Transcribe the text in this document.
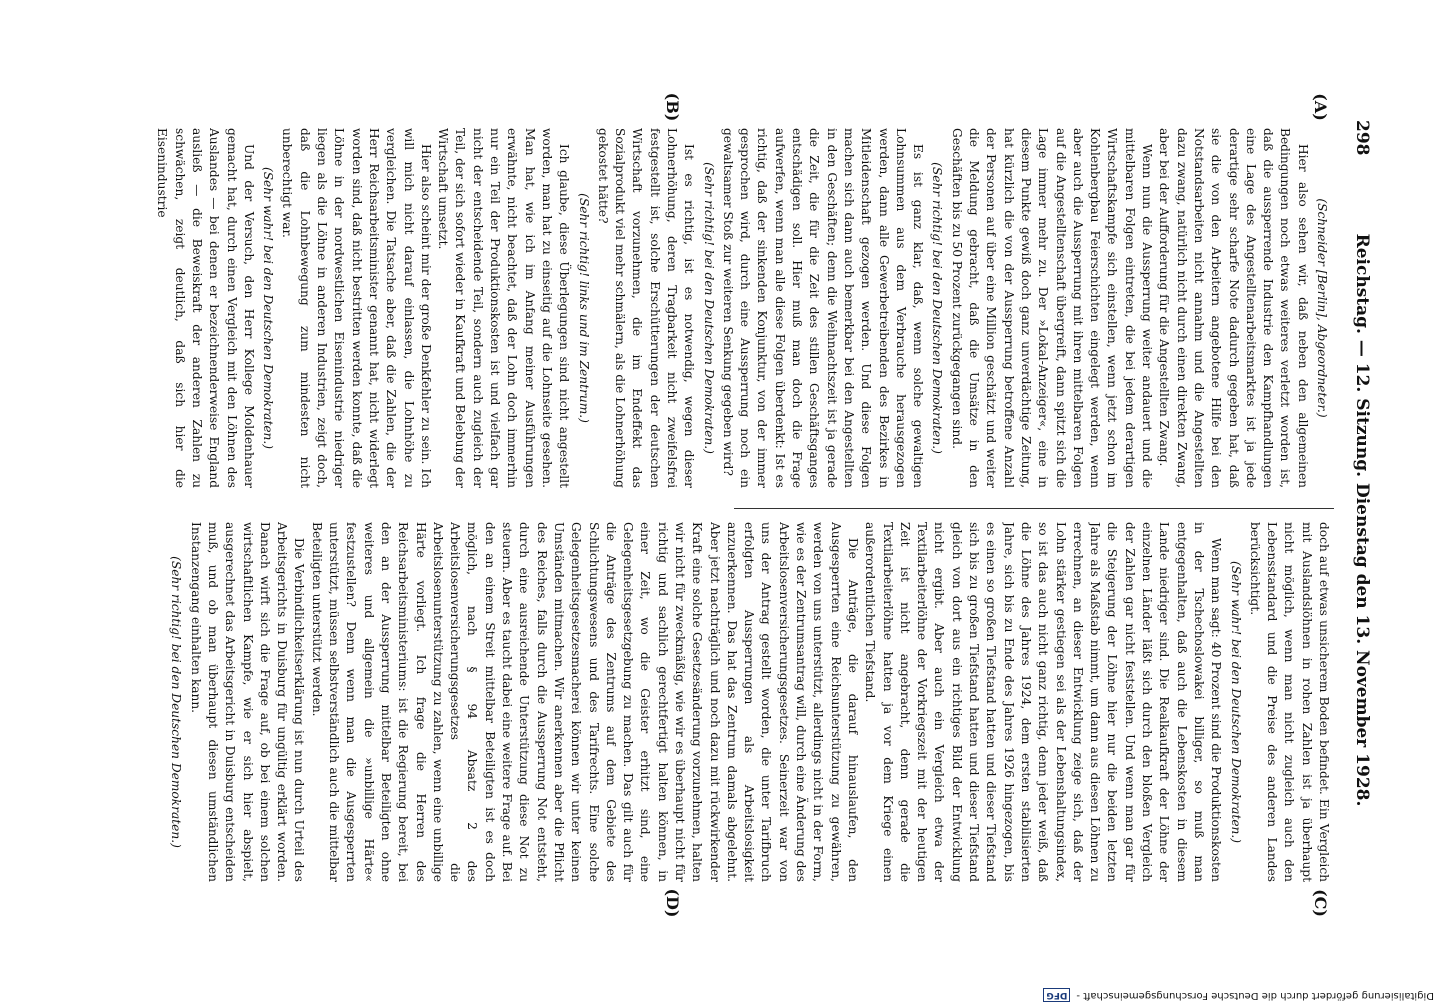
298
Reichstag. — 12. Sitzung. Dienstag den 13. November 1928.
(A)
(B)
(C)
(D)

(Schneider [Berlin], Abgeordneter.)

Hier also sehen wir, daß neben den allgemeinen Bedingungen noch etwas weiteres verletzt worden ist, daß die aussperrende Industrie den Kampfhandlungen eine Lage des Angestelltenarbeitsmarktes ist ja jede derartige sehr scharfe Note dadurch gegeben hat, daß sie die von den Arbeitern angebotene Hilfe bei den Notstandsarbeiten nicht annahm und die Angestellten dazu zwang, natürlich nicht durch einen direkten Zwang, aber bei der Aufforderung für die Angestellten Zwang.

Wenn nun die Aussperrung weiter andauert und die mittelbaren Folgen eintreten, die bei jedem derartigen Wirtschaftskampfe sich einstellen, wenn jetzt schon im Kohlenbergbau Feierschichten eingelegt werden, wenn aber auch die Aussperrung mit ihren mittelbaren Folgen auf die Angestelltenschaft übergreift, dann spitzt sich die Lage immer mehr zu. Der »Lokal-Anzeiger«, eine in diesem Punkte gewiß doch ganz unverdächtige Zeitung, hat kürzlich die von der Aussperrung betroffene Anzahl der Personen auf über eine Million geschätzt und weiter die Meldung gebracht, daß die Umsätze in den Geschäften bis zu 50 Prozent zurückgegangen sind.

(Sehr richtig! bei den Deutschen Demokraten.)

Es ist ganz klar, daß, wenn solche gewaltigen Lohnsummen aus dem Verbrauche herausgezogen werden, dann alle Gewerbetreibenden des Bezirkes in Mitleidenschaft gezogen werden. Und diese Folgen machen sich dann auch bemerkbar bei den Angestellten in den Geschäften; denn die Weihnachtszeit ist ja gerade die Zeit, die für die Zeit des stillen Geschäftsganges entschädigen soll. Hier muß man doch die Frage aufwerfen, wenn man alle diese Folgen überdenkt: Ist es richtig, daß der sinkenden Konjunktur, von der immer gesprochen wird, durch eine Aussperrung noch ein gewaltsamer Stoß zur weiteren Senkung gegeben wird?

(Sehr richtig! bei den Deutschen Demokraten.)

Ist es richtig, ist es notwendig, wegen dieser Lohnerhöhung, deren Tragbarkeit nicht zweifelsfrei festgestellt ist, solche Erschütterungen der deutschen Wirtschaft vorzunehmen, die im Endeffekt das Sozialprodukt viel mehr schmälern, als die Lohnerhöhung gekostet hätte?

(Sehr richtig! links und im Zentrum.)

Ich glaube, diese Überlegungen sind nicht angestellt worden, man hat zu einseitig auf die Lohnseite gesehen. Man hat, wie ich im Anfang meiner Ausführungen erwähnte, nicht beachtet, daß der Lohn doch immerhin nur ein Teil der Produktionskosten ist und vielfach gar nicht der entscheidende Teil, sondern auch zugleich der Teil, der sich sofort wieder in Kaufkraft und Belebung der Wirtschaft umsetzt.

Hier also scheint mir der große Denkfehler zu sein. Ich will mich nicht darauf einlassen, die Lohnhöhe zu vergleichen. Die Tatsache aber, daß die Zahlen, die der Herr Reichsarbeitsminister genannt hat, nicht widerlegt worden sind, daß nicht bestritten werden konnte, daß die Löhne in der nordwestlichen Eisenindustrie niedriger liegen als die Löhne in anderen Industrien, zeigt doch, daß die Lohnbewegung zum mindesten nicht unberechtigt war.

(Sehr wahr! bei den Deutschen Demokraten.)

Und der Versuch, den Herr Kollege Moldenhauer gemacht hat, durch einen Vergleich mit den Löhnen des Auslandes — bei denen er bezeichnenderweise England ausließ — die Beweiskraft der anderen Zahlen zu schwächen, zeigt deutlich, daß sich hier die Eisenindustrie

doch auf etwas unsicherem Boden befindet. Ein Vergleich mit Auslandslöhnen in rohen Zahlen ist ja überhaupt nicht möglich, wenn man nicht zugleich auch den Lebensstandard und die Preise des anderen Landes berücksichtigt.

(Sehr wahr! bei den Deutschen Demokraten.)

Wenn man sagt: 40 Prozent sind die Produktionskosten in der Tschechoslowakei billiger, so muß man entgegenhalten, daß auch die Lebenskosten in diesem Lande niedriger sind. Die Realkaufkraft der Löhne der einzelnen Länder läßt sich durch den bloßen Vergleich der Zahlen gar nicht feststellen. Und wenn man gar für die Steigerung der Löhne hier nur die beiden letzten Jahre als Maßstab nimmt, um dann aus diesen Löhnen zu errechnen, an dieser Entwicklung zeige sich, daß der Lohn stärker gestiegen sei als der Lebenshaltungsindex, so ist das auch nicht ganz richtig, denn jeder weiß, daß die Löhne des Jahres 1924, dem ersten stabilisierten Jahre, sich bis zu Ende des Jahres 1926 hingezogen, bis es einen so großen Tiefstand hatten und dieser Tiefstand sich bis zu großen Tiefstand hatten und dieser Tiefstand gleich von dort aus ein richtiges Bild der Entwicklung nicht ergibt. Aber auch ein Vergleich etwa der Textilarbeiterlöhne der Vorkriegszeit mit der heutigen Zeit ist nicht angebracht, denn gerade die Textilarbeiterlöhne hatten ja vor dem Kriege einen außerordentlichen Tiefstand.

Die Anträge, die darauf hinauslaufen, den Ausgesperrten eine Reichsunterstützung zu gewähren, werden von uns unterstützt, allerdings nicht in der Form, wie es der Zentrumsantrag will, durch eine Änderung des Arbeitslosenversicherungsgesetzes. Seinerzeit war von uns der Antrag gestellt worden, die unter Tarifbruch erfolgten Aussperrungen als Arbeitslosigkeit anzuerkennen. Das hat das Zentrum damals abgelehnt. Aber jetzt nachträglich und noch dazu mit rückwirkender Kraft eine solche Gesetzesänderung vorzunehmen, halten wir nicht für zweckmäßig, wie wir es überhaupt nicht für richtig und sachlich gerechtfertigt halten können, in einer Zeit, wo die Geister erhitzt sind, eine Gelegenheitsgesetzgebung zu machen. Das gilt auch für die Anträge des Zentrums auf dem Gebiete des Schlichtungswesens und des Tarifrechts. Eine solche Gelegenheitsgesetzesmacherei können wir unter keinen Umständen mitmachen. Wir anerkennen aber die Pflicht des Reiches, falls durch die Aussperrung Not entsteht, durch eine ausreichende Unterstützung diese Not zu steuern. Aber es taucht dabei eine weitere Frage auf. Bei den an einem Streit mittelbar Beteiligten ist es doch möglich, nach § 94 Absatz 2 des Arbeitslosenversicherungsgesetzes die Arbeitslosenunterstützung zu zahlen, wenn eine unbillige Härte vorliegt. Ich frage die Herren des Reichsarbeitsministeriums: ist die Regierung bereit, bei den an der Aussperrung mittelbar Beteiligten ohne weiteres und allgemein die »unbillige Härte« festzustellen? Denn wenn man die Ausgesperrten unterstützt, müssen selbstverständlich auch die mittelbar Beteiligten unterstützt werden.

Die Verbindlichkeitserklärung ist nun durch Urteil des Arbeitsgerichts in Duisburg für ungültig erklärt worden. Danach wirft sich die Frage auf, ob bei einem solchen wirtschaftlichen Kampfe, wie er sich hier abspielt, ausgerechnet das Arbeitsgericht in Duisburg entscheiden muß, und ob man überhaupt diesen umständlichen Instanzengang einhalten kann.

(Sehr richtig! bei den Deutschen Demokraten.)

Digitalisierung gefördert durch die Deutsche Forschungsgemeinschaft -DFG
